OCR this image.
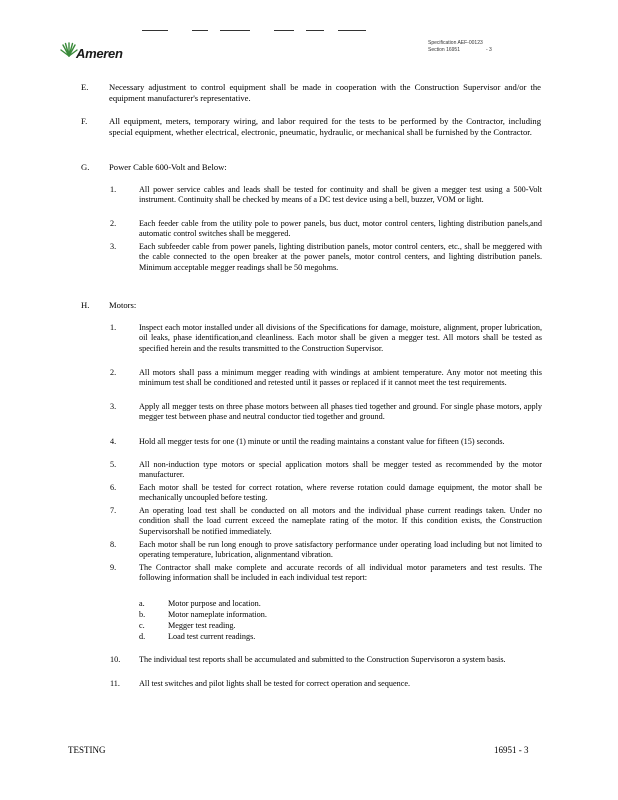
Ameren
Specification AEF-00123
Section 16951	- 3
E. Necessary adjustment to control equipment shall be made in cooperation with the Construction Supervisor and/or the equipment manufacturer's representative.
F.	All equipment, meters, temporary wiring, and labor required for the tests to be performed by the Contractor, including special equipment, whether electrical, electronic, pneumatic, hydraulic, or mechanical shall be furnished by the Contractor.
G. Power Cable 600-Volt and Below:
1.	All power service cables and leads shall be tested for continuity and shall be given a megger test using a 500-Volt instrument. Continuity shall be checked by means of a DC test device using a bell, buzzer, VOM or light.
2.	Each feeder cable from the utility pole to power panels, bus duct, motor control centers, lighting distribution panels,and automatic control switches shall be meggered.
3.	Each subfeeder cable from power panels, lighting distribution panels, motor control centers, etc., shall be meggered with the cable connected to the open breaker at the power panels, motor control centers, and lighting distribution panels. Minimum acceptable megger readings shall be 50 megohms.
H. Motors:
1.	Inspect each motor installed under all divisions of the Specifications for damage, moisture, alignment, proper lubrication, oil leaks, phase identification,and cleanliness. Each motor shall be given a megger test. All motors shall be tested as specified herein and the results transmitted to the Construction Supervisor.
2.	All motors shall pass a minimum megger reading with windings at ambient temperature. Any motor not meeting this minimum test shall be conditioned and retested until it passes or replaced if it cannot meet the test requirements.
3.	Apply all megger tests on three phase motors between all phases tied together and ground. For single phase motors, apply megger test between phase and neutral conductor tied together and ground.
4.	Hold all megger tests for one (1) minute or until the reading maintains a constant value for fifteen (15) seconds.
5.	All non-induction type motors or special application motors shall be megger tested as recommended by the motor manufacturer.
6.	Each motor shall be tested for correct rotation, where reverse rotation could damage equipment, the motor shall be mechanically uncoupled before testing.
7.	An operating load test shall be conducted on all motors and the individual phase current readings taken. Under no condition shall the load current exceed the nameplate rating of the motor. If this condition exists, the Construction Supervisorshall be notified immediately.
8.	Each motor shall be run long enough to prove satisfactory performance under operating load including but not limited to operating temperature, lubrication, alignmentand vibration.
9.	The Contractor shall make complete and accurate records of all individual motor parameters and test results. The following information shall be included in each individual test report:
a.	Motor purpose and location.
b.	Motor nameplate information.
c.	Megger test reading.
d.	Load test current readings.
10. The individual test reports shall be accumulated and submitted to the Construction Supervisoron a system basis.
11. All test switches and pilot lights shall be tested for correct operation and sequence.
TESTING	16951 - 3
